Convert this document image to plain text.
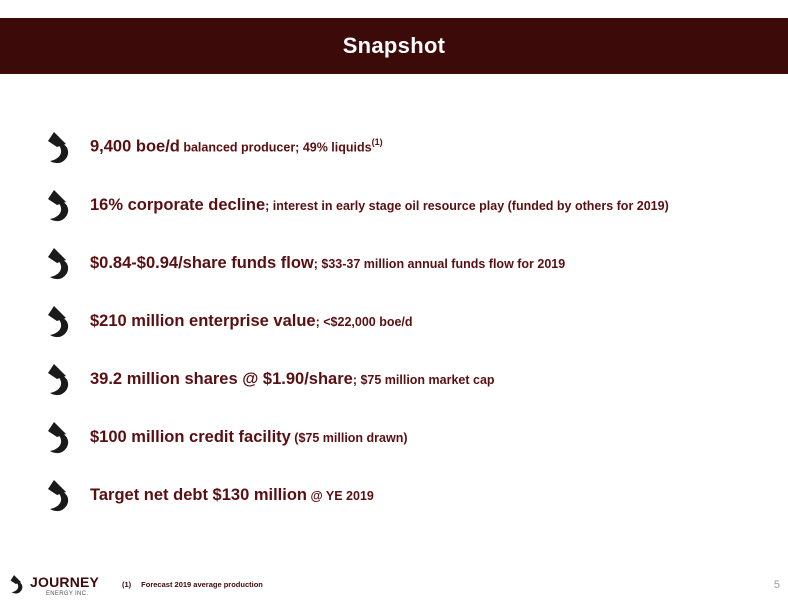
Snapshot
9,400 boe/d balanced producer; 49% liquids$^{(1)}$
16% corporate decline; interest in early stage oil resource play (funded by others for 2019)
$0.84-$0.94/share funds flow; $33-37 million annual funds flow for 2019
$210 million enterprise value; <$22,000 boe/d
39.2 million shares @ $1.90/share; $75 million market cap
$100 million credit facility ($75 million drawn)
Target net debt $130 million @ YE 2019
JOURNEY
ENERGY INC.
(1) Forecast 2019 average production	5
